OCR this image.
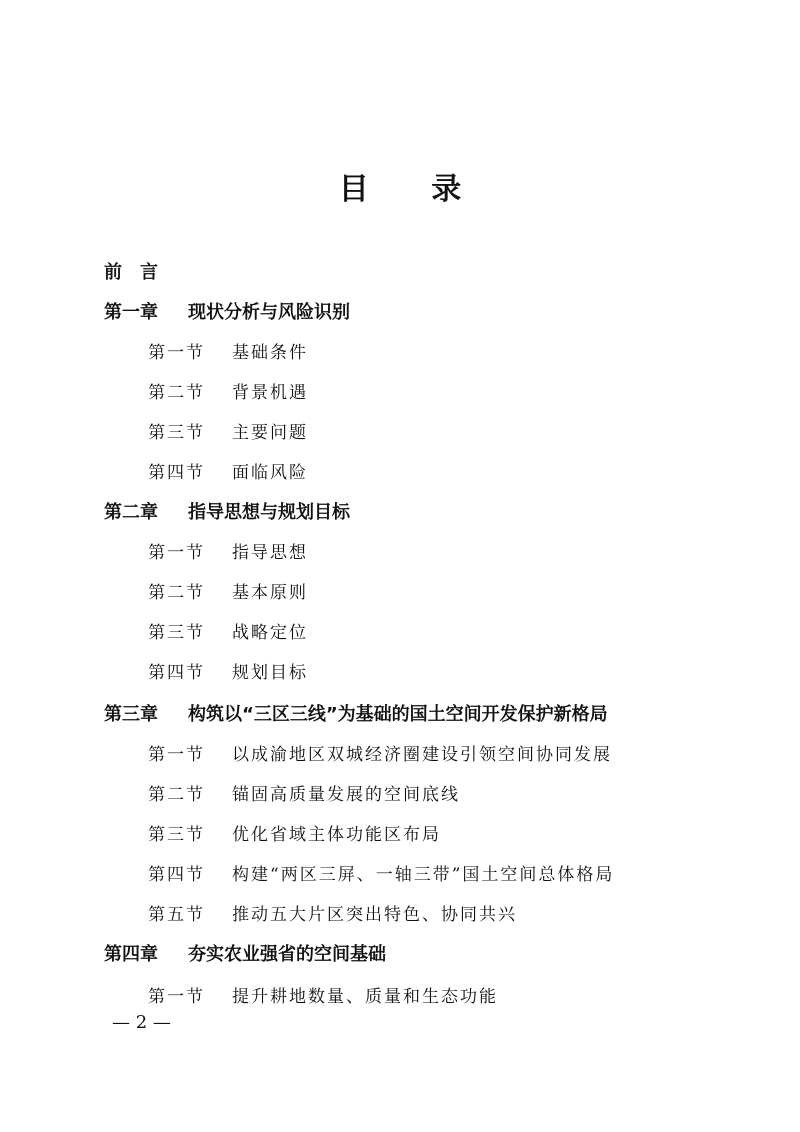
目 录
前　言
第一章 现状分析与风险识别
第一节 基础条件
第二节 背景机遇
第三节 主要问题
第四节 面临风险
第二章 指导思想与规划目标
第一节 指导思想
第二节 基本原则
第三节 战略定位
第四节 规划目标
第三章 构筑以“三区三线”为基础的国土空间开发保护新格局
第一节 以成渝地区双城经济圈建设引领空间协同发展
第二节 锚固高质量发展的空间底线
第三节 优化省域主体功能区布局
第四节 构建“两区三屏、一轴三带”国土空间总体格局
第五节 推动五大片区突出特色、协同共兴
第四章 夯实农业强省的空间基础
第一节 提升耕地数量、质量和生态功能
— 2 —
